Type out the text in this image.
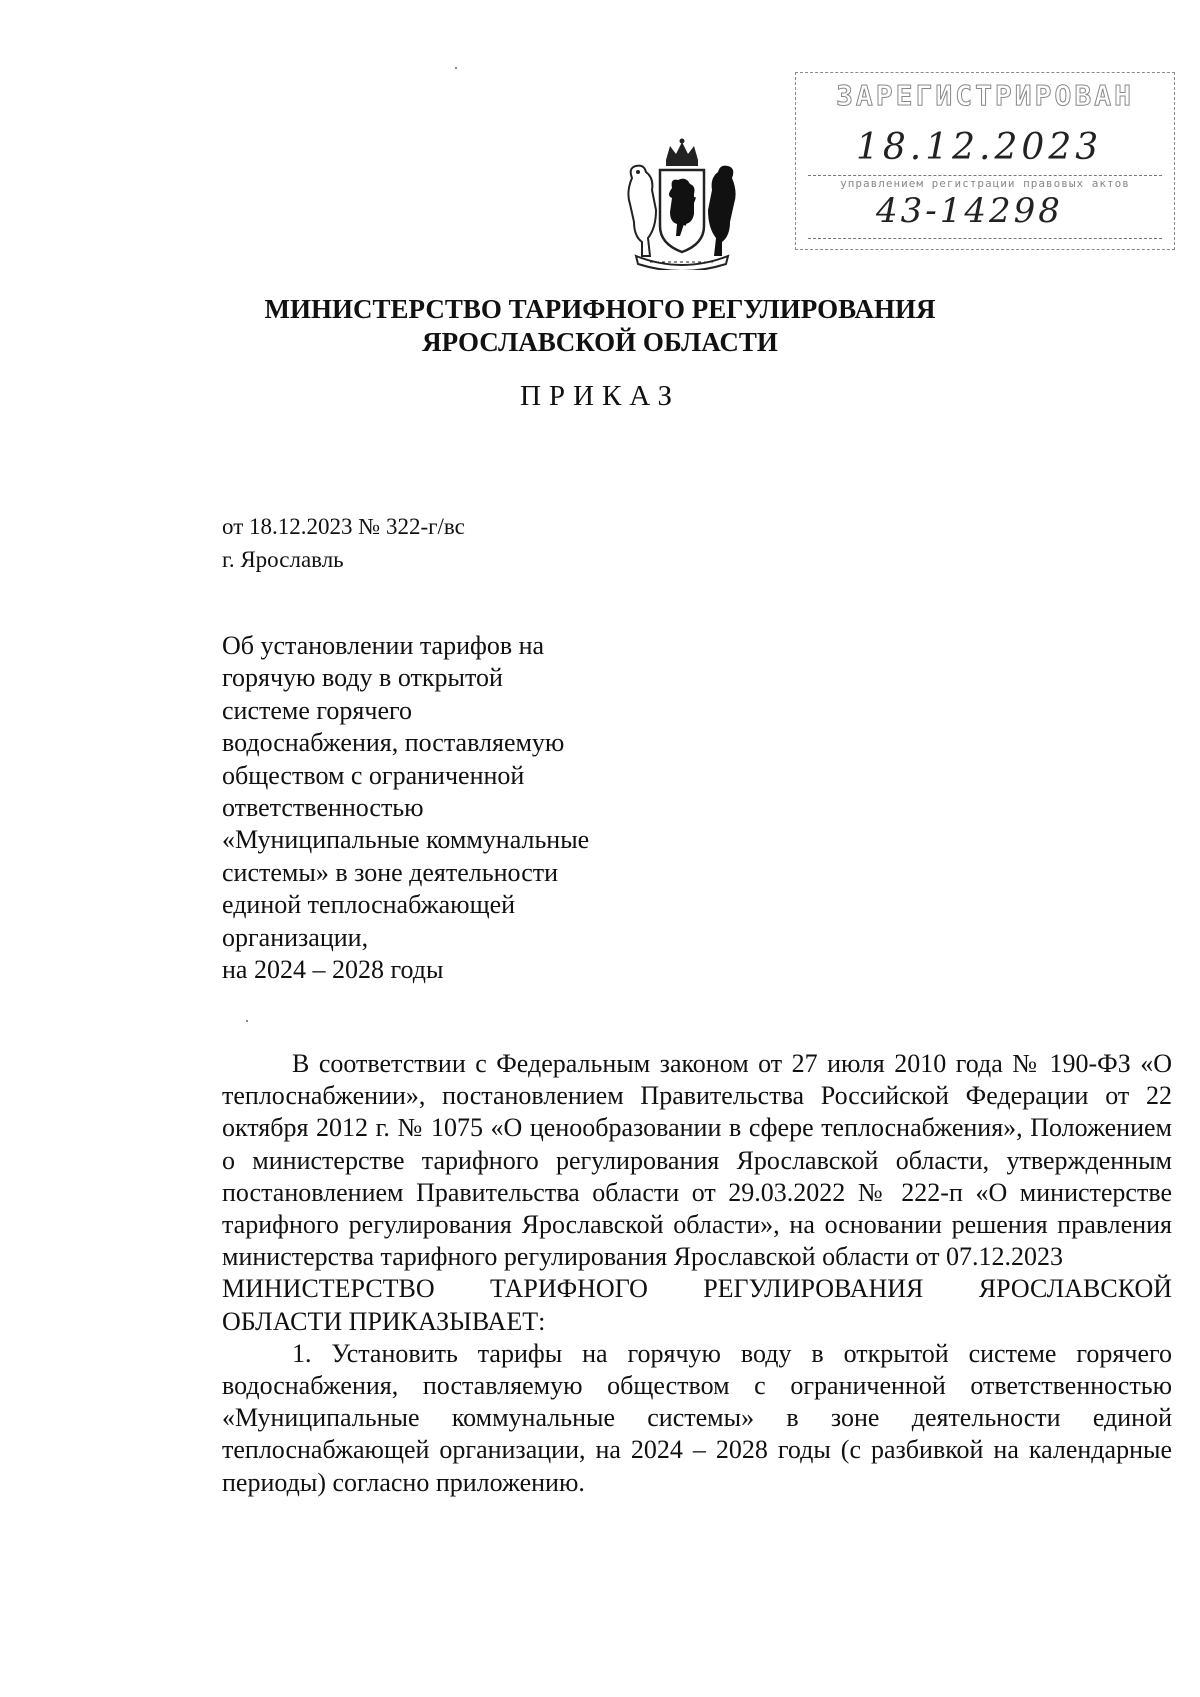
ЗАРЕГИСТРИРОВАН
18.12.2023
управлением регистрации правовых актов
43-14298
МИНИСТЕРСТВО ТАРИФНОГО РЕГУЛИРОВАНИЯ
ЯРОСЛАВСКОЙ ОБЛАСТИ
ПРИКАЗ
от 18.12.2023 № 322-г/вс
г. Ярославль
Об установлении тарифов на
горячую воду в открытой
системе горячего
водоснабжения, поставляемую
обществом с ограниченной
ответственностью
«Муниципальные коммунальные
системы» в зоне деятельности
единой теплоснабжающей
организации,
на 2024 – 2028 годы

В соответствии с Федеральным законом от 27 июля 2010 года № 190-ФЗ «О теплоснабжении», постановлением Правительства Российской Федерации от 22 октября 2012 г. № 1075 «О ценообразовании в сфере теплоснабжения», Положением о министерстве тарифного регулирования Ярославской области, утвержденным постановлением Правительства области от 29.03.2022 № 222-п «О министерстве тарифного регулирования Ярославской области», на основании решения правления министерства тарифного регулирования Ярославской области от 07.12.2023

МИНИСТЕРСТВО ТАРИФНОГО РЕГУЛИРОВАНИЯ ЯРОСЛАВСКОЙ

ОБЛАСТИ ПРИКАЗЫВАЕТ:

1. Установить тарифы на горячую воду в открытой системе горячего водоснабжения, поставляемую обществом с ограниченной ответственностью «Муниципальные коммунальные системы» в зоне деятельности единой теплоснабжающей организации, на 2024 – 2028 годы (с разбивкой на календарные периоды) согласно приложению.
